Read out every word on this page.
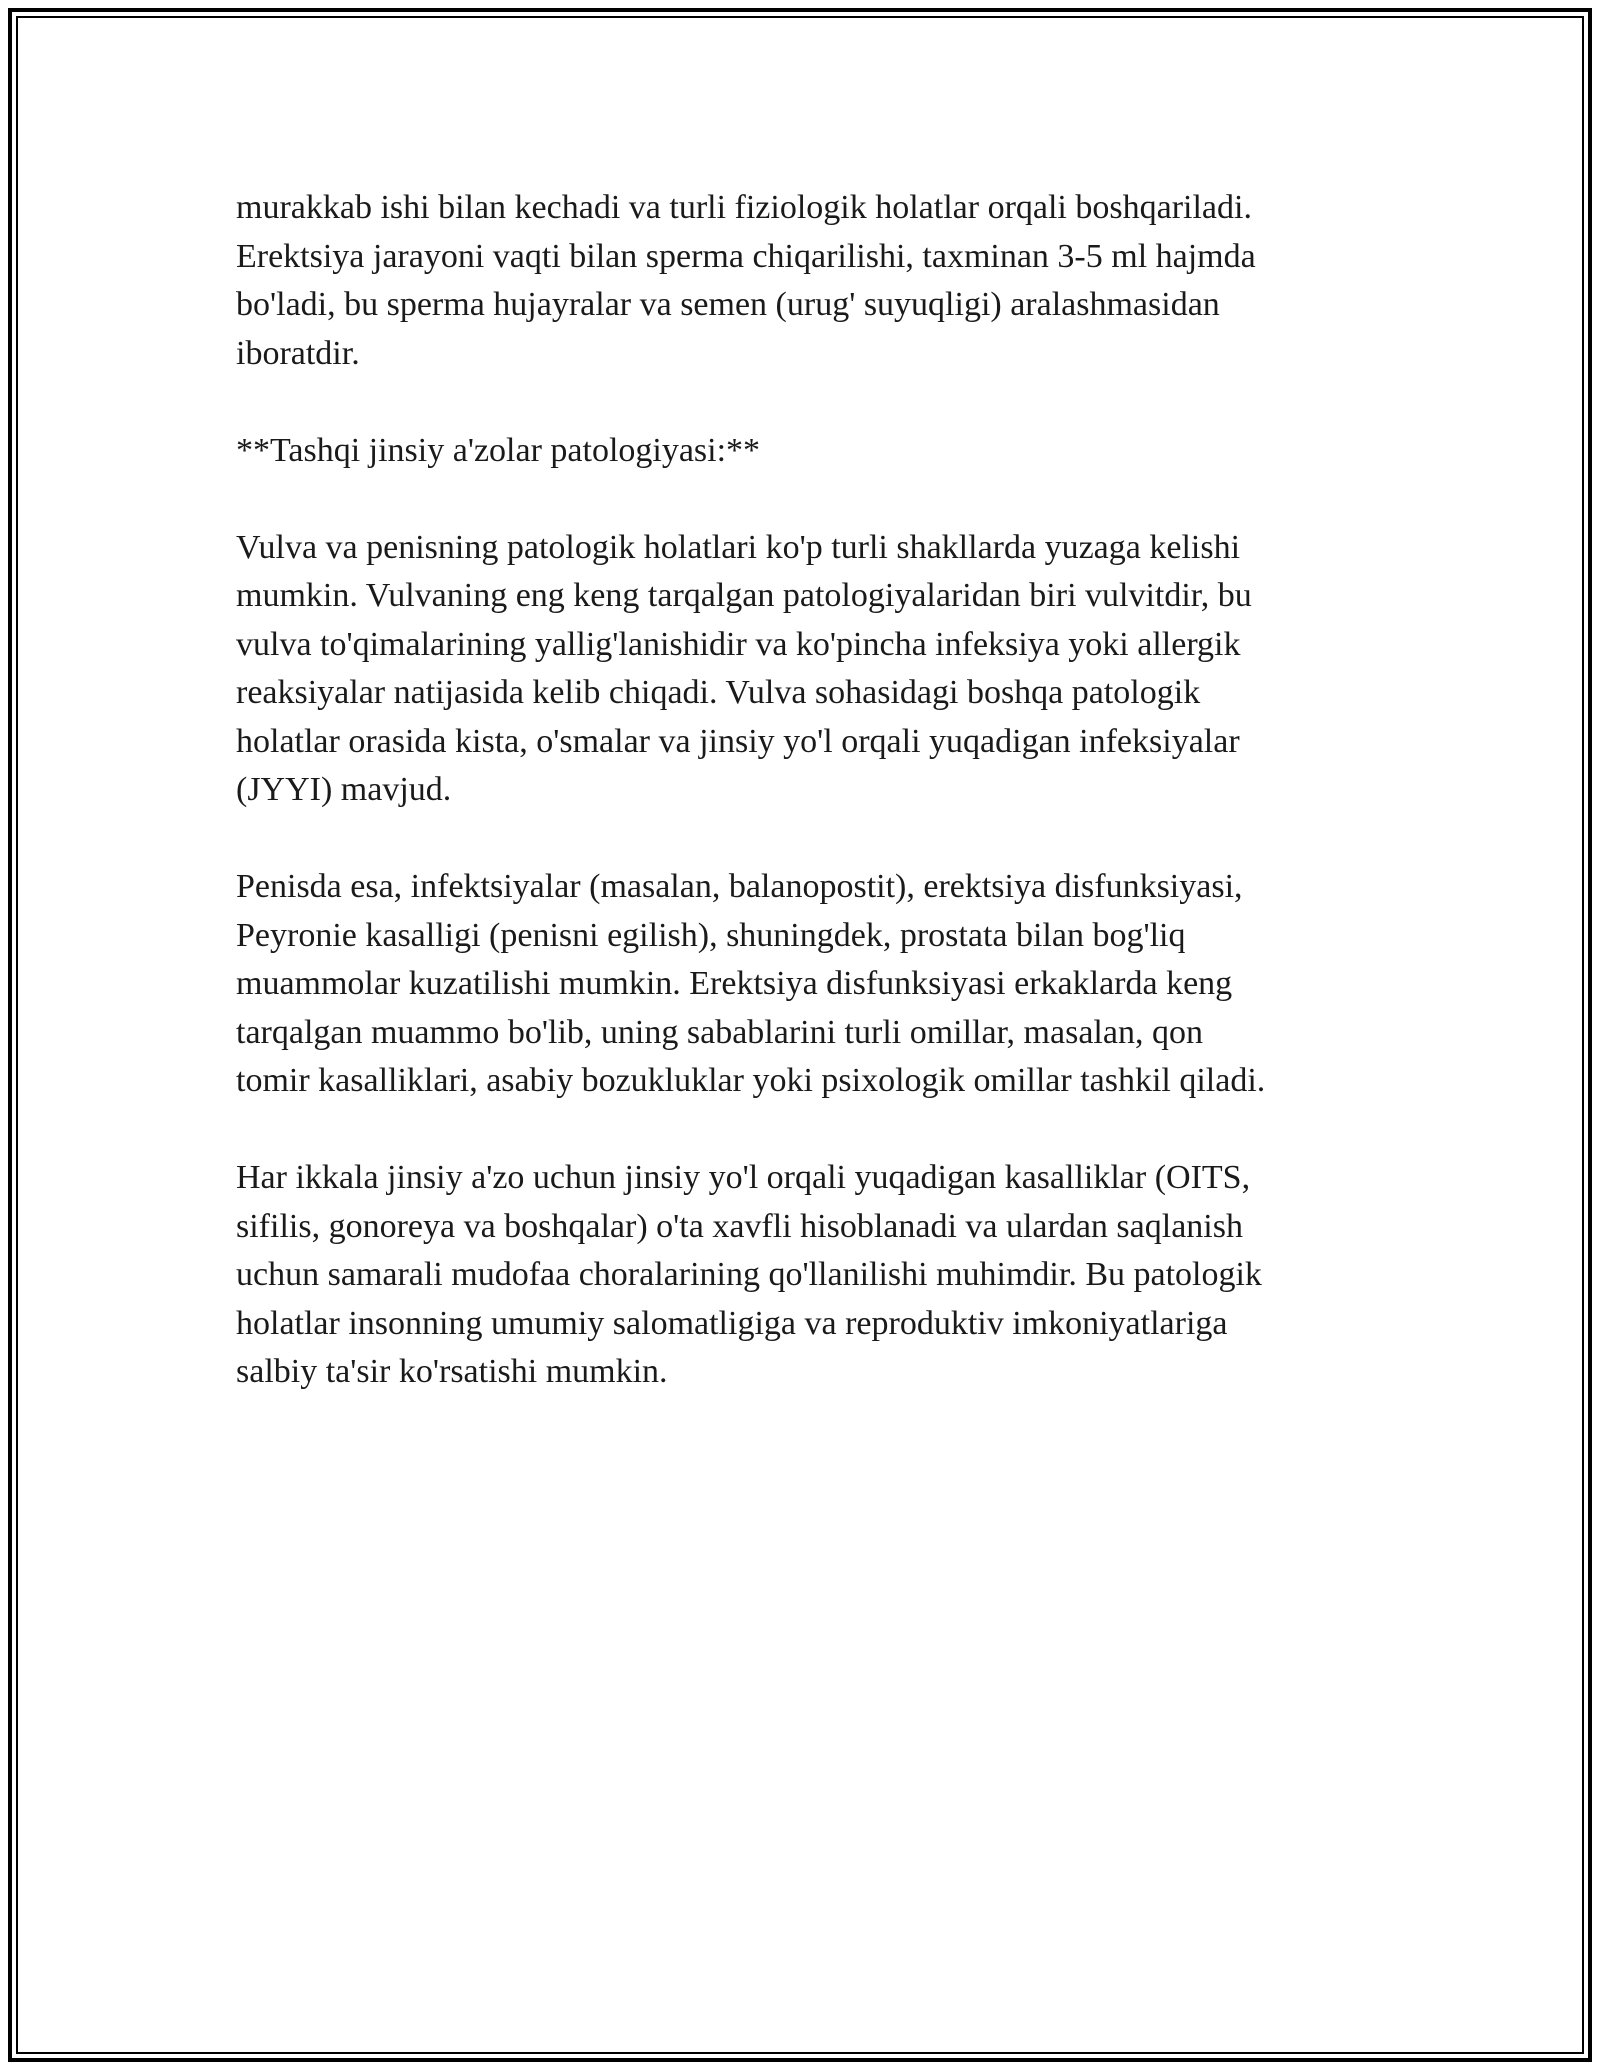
murakkab ishi bilan kechadi va turli fiziologik holatlar orqali boshqariladi.
Erektsiya jarayoni vaqti bilan sperma chiqarilishi, taxminan 3-5 ml hajmda
bo'ladi, bu sperma hujayralar va semen (urug' suyuqligi) aralashmasidan
iboratdir.

**Tashqi jinsiy a'zolar patologiyasi:**

Vulva va penisning patologik holatlari ko'p turli shakllarda yuzaga kelishi
mumkin. Vulvaning eng keng tarqalgan patologiyalaridan biri vulvitdir, bu
vulva to'qimalarining yallig'lanishidir va ko'pincha infeksiya yoki allergik
reaksiyalar natijasida kelib chiqadi. Vulva sohasidagi boshqa patologik
holatlar orasida kista, o'smalar va jinsiy yo'l orqali yuqadigan infeksiyalar
(JYYI) mavjud.

Penisda esa, infektsiyalar (masalan, balanopostit), erektsiya disfunksiyasi,
Peyronie kasalligi (penisni egilish), shuningdek, prostata bilan bog'liq
muammolar kuzatilishi mumkin. Erektsiya disfunksiyasi erkaklarda keng
tarqalgan muammo bo'lib, uning sabablarini turli omillar, masalan, qon
tomir kasalliklari, asabiy bozukluklar yoki psixologik omillar tashkil qiladi.

Har ikkala jinsiy a'zo uchun jinsiy yo'l orqali yuqadigan kasalliklar (OITS,
sifilis, gonoreya va boshqalar) o'ta xavfli hisoblanadi va ulardan saqlanish
uchun samarali mudofaa choralarining qo'llanilishi muhimdir. Bu patologik
holatlar insonning umumiy salomatligiga va reproduktiv imkoniyatlariga
salbiy ta'sir ko'rsatishi mumkin.
